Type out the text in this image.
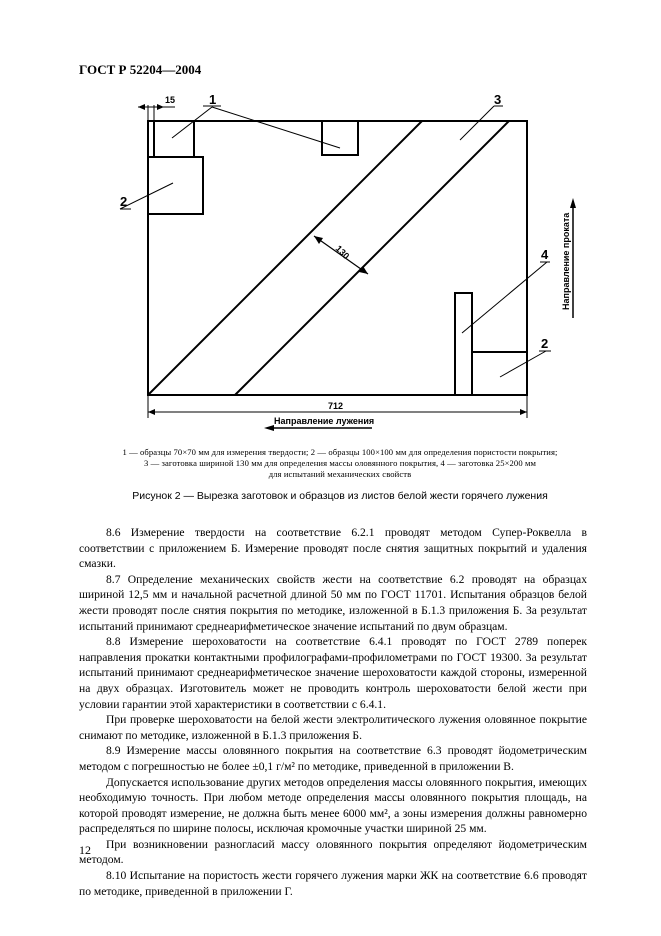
ГОСТ Р 52204—2004
15	1	3
2
4
2
130
712
Направление проката
Направление лужения
1 — образцы 70×70 мм для измерения твердости; 2 — образцы 100×100 мм для определения пористости покрытия;
3 — заготовка шириной 130 мм для определения массы оловянного покрытия, 4 — заготовка 25×200 мм
для испытаний механических свойств
Рисунок 2 — Вырезка заготовок и образцов из листов белой жести горячего лужения

8.6 Измерение твердости на соответствие 6.2.1 проводят методом Супер-Роквелла в соответствии с приложением Б. Измерение проводят после снятия защитных покрытий и удаления смазки.

8.7 Определение механических свойств жести на соответствие 6.2 проводят на образцах шириной 12,5 мм и начальной расчетной длиной 50 мм по ГОСТ 11701. Испытания образцов белой жести проводят после снятия покрытия по методике, изложенной в Б.1.3 приложения Б. За результат испытаний принимают среднеарифметическое значение испытаний по двум образцам.

8.8 Измерение шероховатости на соответствие 6.4.1 проводят по ГОСТ 2789 поперек направления прокатки контактными профилографами-профилометрами по ГОСТ 19300. За результат испытаний принимают среднеарифметическое значение шероховатости каждой стороны, измеренной на двух образцах. Изготовитель может не проводить контроль шероховатости белой жести при условии гарантии этой характеристики в соответствии с 6.4.1.

При проверке шероховатости на белой жести электролитического лужения оловянное покрытие снимают по методике, изложенной в Б.1.3 приложения Б.

8.9 Измерение массы оловянного покрытия на соответствие 6.3 проводят йодометрическим методом с погрешностью не более ±0,1 г/м² по методике, приведенной в приложении В.

Допускается использование других методов определения массы оловянного покрытия, имеющих необходимую точность. При любом методе определения массы оловянного покрытия площадь, на которой проводят измерение, не должна быть менее 6000 мм², а зоны измерения должны равномерно распределяться по ширине полосы, исключая кромочные участки шириной 25 мм.

При возникновении разногласий массу оловянного покрытия определяют йодометрическим методом.

8.10 Испытание на пористость жести горячего лужения марки ЖК на соответствие 6.6 проводят по методике, приведенной в приложении Г.

12
